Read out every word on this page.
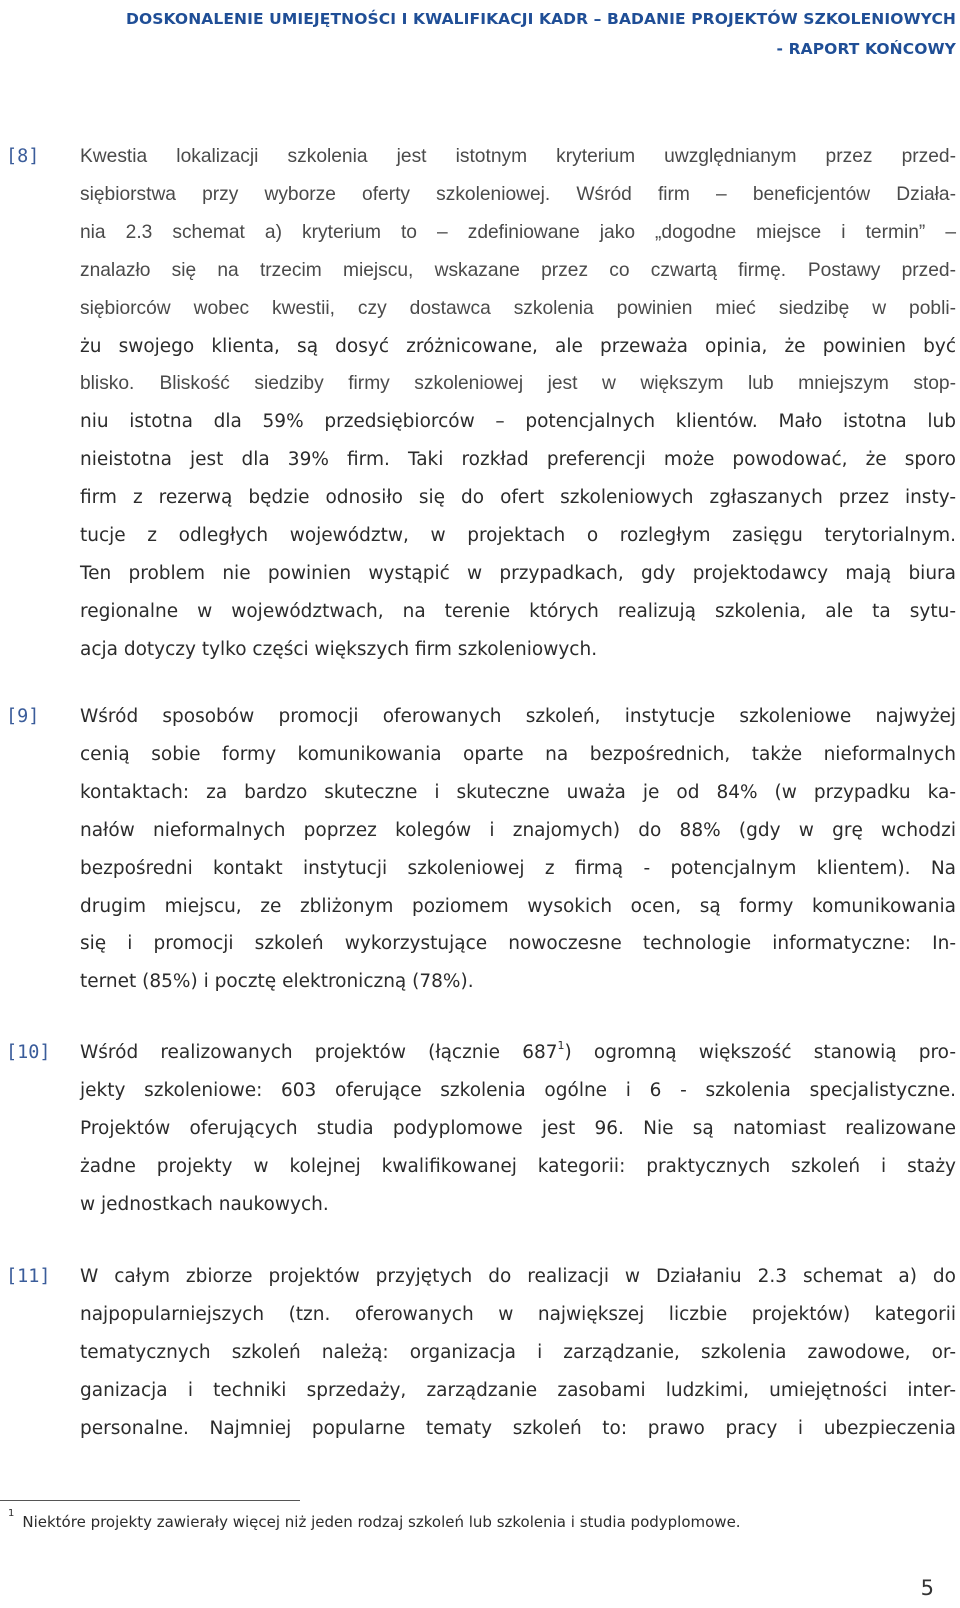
DOSKONALENIE UMIEJĘTNOŚCI I KWALIFIKACJI KADR – BADANIE PROJEKTÓW SZKOLENIOWYCH
- RAPORT KOŃCOWY
[8] Kwestia lokalizacji szkolenia jest istotnym kryterium uwzględnianym przez przed-
siębiorstwa przy wyborze oferty szkoleniowej. Wśród firm – beneficjentów Działa-
nia 2.3 schemat a) kryterium to – zdefiniowane jako „dogodne miejsce i termin” –
znalazło się na trzecim miejscu, wskazane przez co czwartą firmę. Postawy przed-
siębiorców wobec kwestii, czy dostawca szkolenia powinien mieć siedzibę w pobli-
żu swojego klienta, są dosyć zróżnicowane, ale przeważa opinia, że powinien być
blisko. Bliskość siedziby firmy szkoleniowej jest w większym lub mniejszym stop-
niu istotna dla 59% przedsiębiorców – potencjalnych klientów. Mało istotna lub
nieistotna jest dla 39% firm. Taki rozkład preferencji może powodować, że sporo
firm z rezerwą będzie odnosiło się do ofert szkoleniowych zgłaszanych przez insty-
tucje z odległych województw, w projektach o rozległym zasięgu terytorialnym.
Ten problem nie powinien wystąpić w przypadkach, gdy projektodawcy mają biura
regionalne w województwach, na terenie których realizują szkolenia, ale ta sytu-
acja dotyczy tylko części większych firm szkoleniowych.
[9] Wśród sposobów promocji oferowanych szkoleń, instytucje szkoleniowe najwyżej
cenią sobie formy komunikowania oparte na bezpośrednich, także nieformalnych
kontaktach: za bardzo skuteczne i skuteczne uważa je od 84% (w przypadku ka-
nałów nieformalnych poprzez kolegów i znajomych) do 88% (gdy w grę wchodzi
bezpośredni kontakt instytucji szkoleniowej z firmą - potencjalnym klientem). Na
drugim miejscu, ze zbliżonym poziomem wysokich ocen, są formy komunikowania
się i promocji szkoleń wykorzystujące nowoczesne technologie informatyczne: In-
ternet (85%) i pocztę elektroniczną (78%).
[10] Wśród realizowanych projektów (łącznie $687^1$) ogromną większość stanowią pro-
jekty szkoleniowe: 603 oferujące szkolenia ogólne i 6 - szkolenia specjalistyczne.
Projektów oferujących studia podyplomowe jest 96. Nie są natomiast realizowane
żadne projekty w kolejnej kwalifikowanej kategorii: praktycznych szkoleń i staży
w jednostkach naukowych.
[11] W całym zbiorze projektów przyjętych do realizacji w Działaniu 2.3 schemat a) do
najpopularniejszych (tzn. oferowanych w największej liczbie projektów) kategorii
tematycznych szkoleń należą: organizacja i zarządzanie, szkolenia zawodowe, or-
ganizacja i techniki sprzedaży, zarządzanie zasobami ludzkimi, umiejętności inter-
personalne. Najmniej popularne tematy szkoleń to: prawo pracy i ubezpieczenia
$^1$ Niektóre projekty zawierały więcej niż jeden rodzaj szkoleń lub szkolenia i studia podyplomowe.
5
